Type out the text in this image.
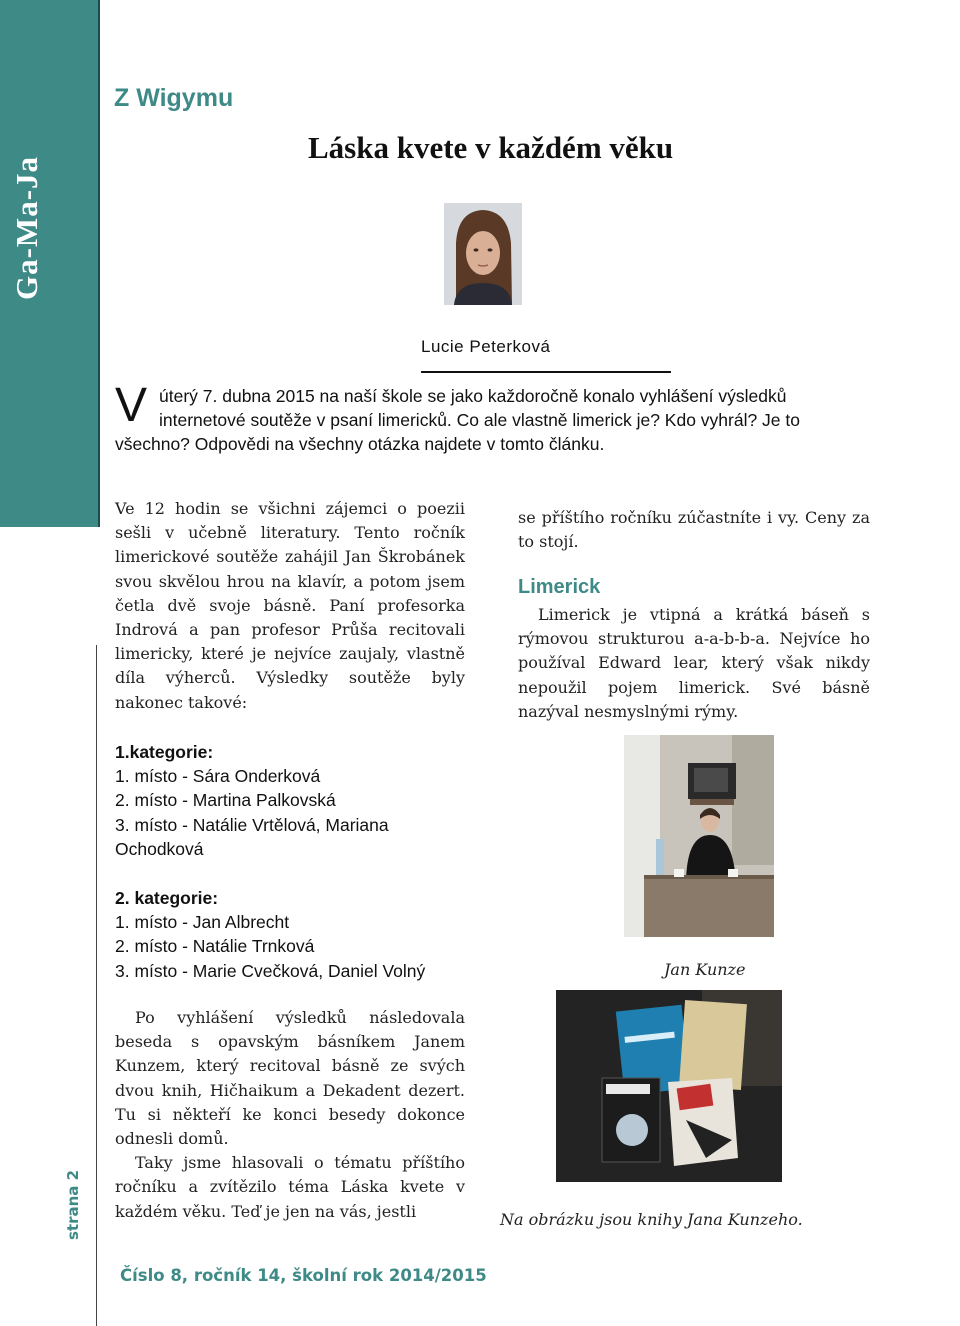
Ga-Ma-Ja
strana 2
Z Wigymu
Láska kvete v každém věku
Lucie Peterková
V úterý 7. dubna 2015 na naší škole se jako každoročně konalo vyhlášení výsledků
internetové soutěže v psaní limericků. Co ale vlastně limerick je? Kdo vyhrál? Je to
všechno? Odpovědi na všechny otázka najdete v tomto článku.
Ve 12 hodin se všichni zájemci o poezii sešli v učebně literatury. Tento ročník limerickové soutěže zahájil Jan Škrobánek svou skvělou hrou na klavír, a potom jsem četla dvě svoje básně. Paní profesorka Indrová a pan profesor Průša recitovali limericky, které je nejvíce zaujaly, vlastně díla výherců. Výsledky soutěže byly nakonec takové:
1.kategorie:
1. místo - Sára Onderková
2. místo - Martina Palkovská
3. místo - Natálie Vrtělová, Mariana Ochodková
2. kategorie:
1. místo - Jan Albrecht
2. místo - Natálie Trnková
3. místo - Marie Cvečková, Daniel Volný

Po vyhlášení výsledků následovala beseda s opavským básníkem Janem Kunzem, který recitoval básně ze svých dvou knih, Hičhaikum a Dekadent dezert. Tu si někteří ke konci besedy dokonce odnesli domů.

Taky jsme hlasovali o tématu příštího ročníku a zvítězilo téma Láska kvete v každém věku. Teď je jen na vás, jestli

se příštího ročníku zúčastníte i vy. Ceny za to stojí.
Limerick
Limerick je vtipná a krátká báseň s rýmovou strukturou a-a-b-b-a. Nejvíce ho používal Edward lear, který však nikdy nepoužil pojem limerick. Své básně nazýval nesmyslnými rýmy.
Jan Kunze
Na obrázku jsou knihy Jana Kunzeho.
Číslo 8, ročník 14, školní rok 2014/2015
